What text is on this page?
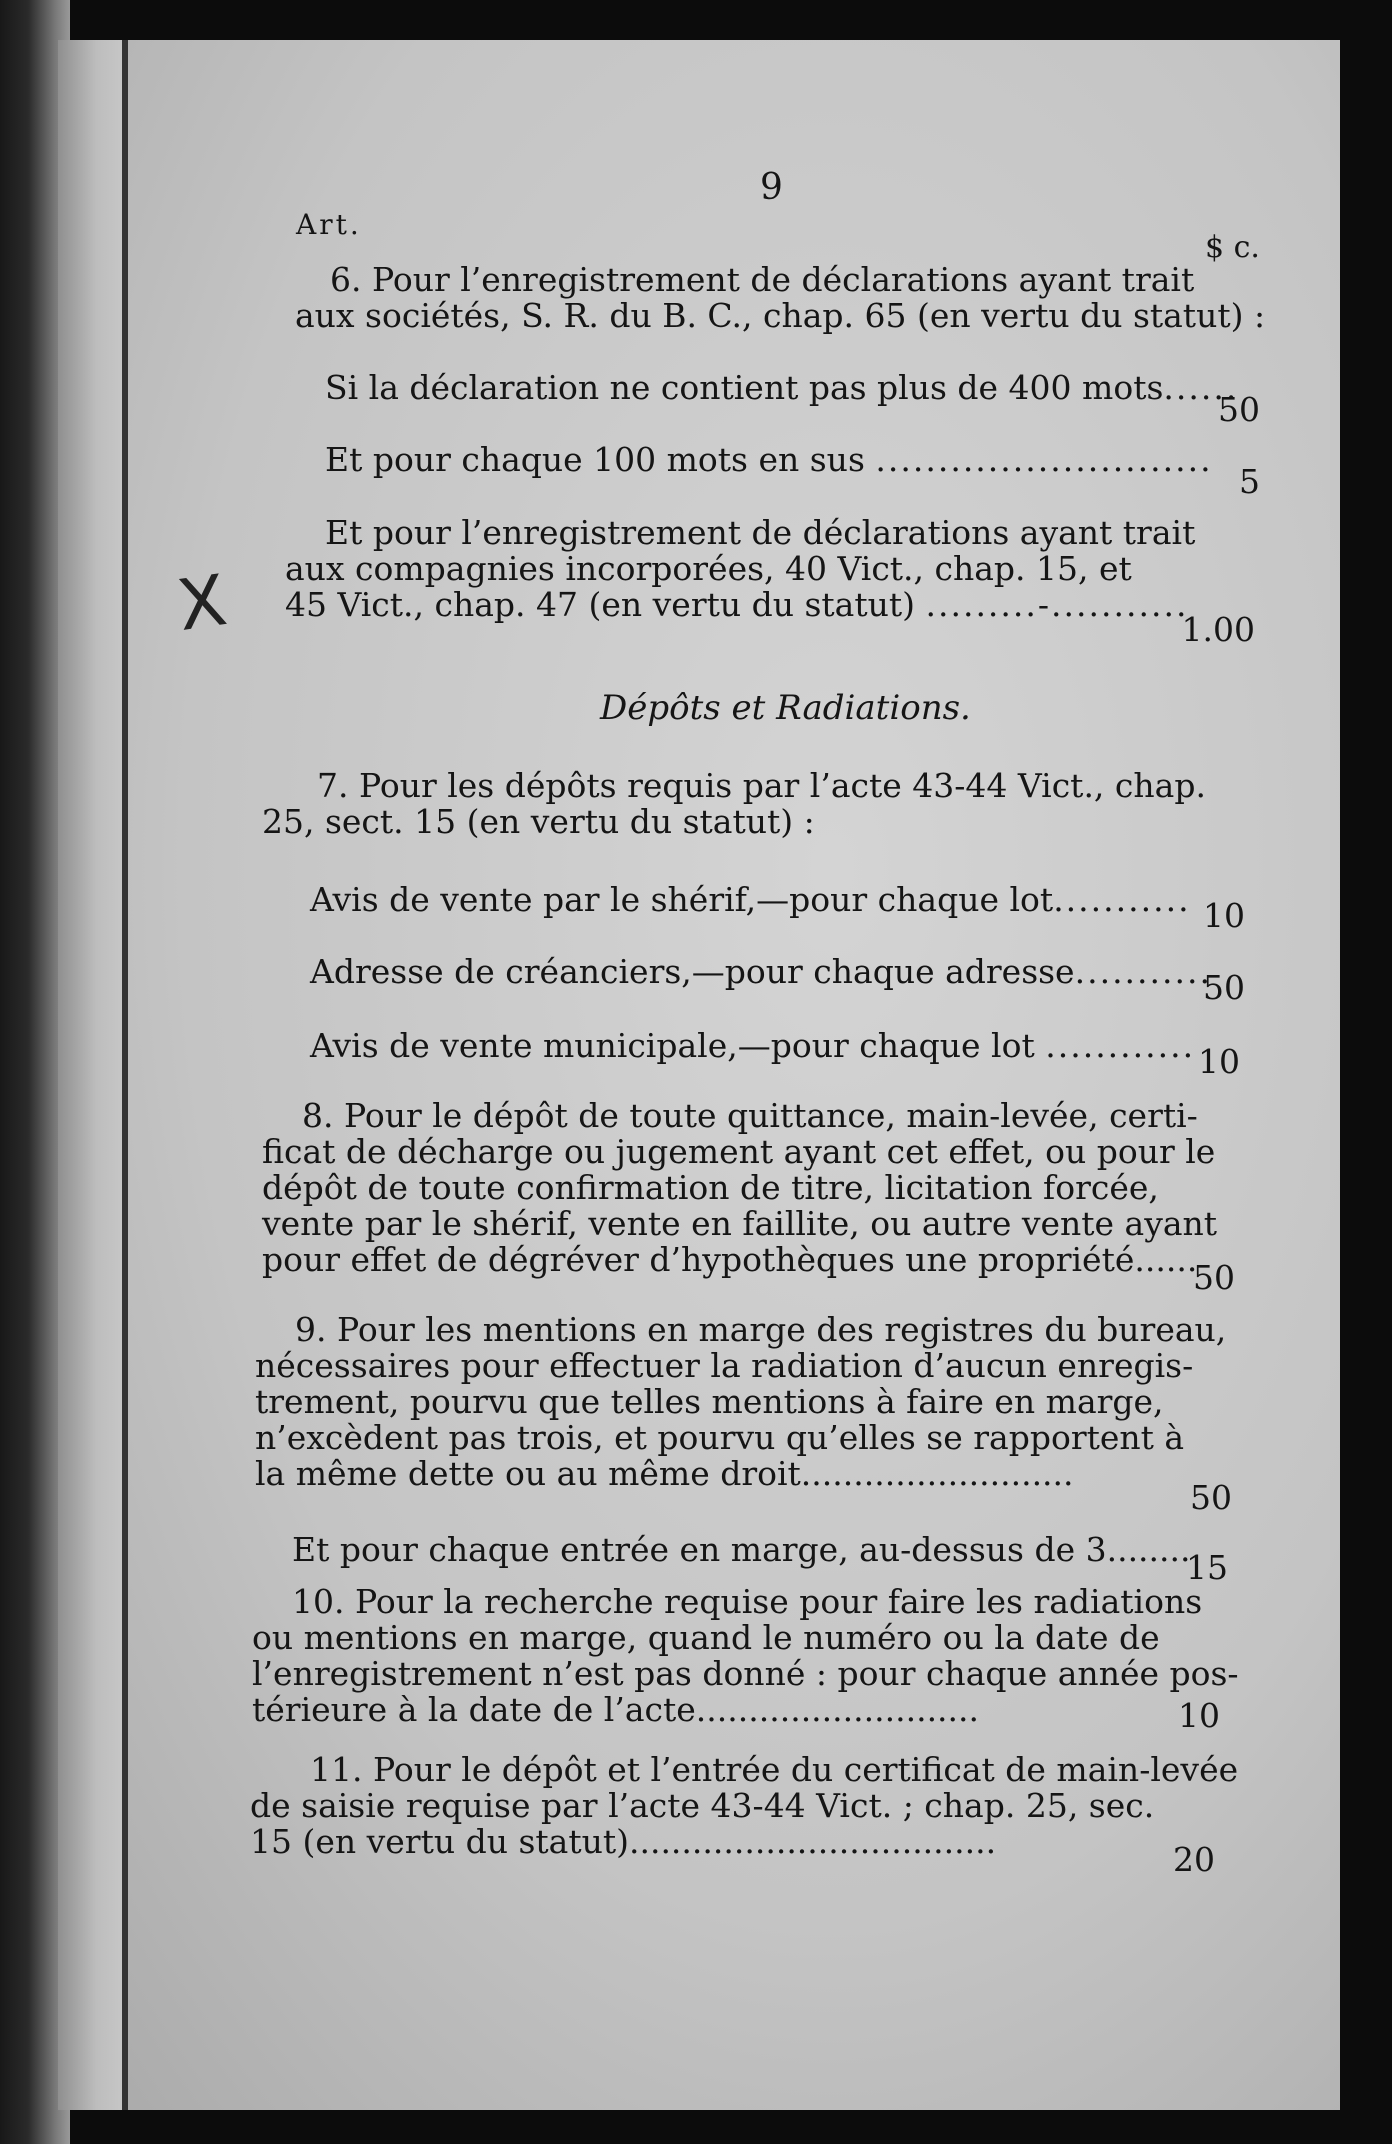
9
Art.
$ c.
6. Pour l’enregistrement de déclarations ayant trait
aux sociétés, S. R. du B. C., chap. 65 (en vertu du statut) :
Si la déclaration ne contient pas plus de 400 mots......
50
Et pour chaque 100 mots en sus ...........................
5
Et pour l’enregistrement de déclarations ayant trait
aux compagnies incorporées, 40 Vict., chap. 15, et
45 Vict., chap. 47 (en vertu du statut) .........-...........
1.00
X
Dépôts et Radiations.
7. Pour les dépôts requis par l’acte 43-44 Vict., chap.
25, sect. 15 (en vertu du statut) :
Avis de vente par le shérif,—pour chaque lot........... 10
Adresse de créanciers,—pour chaque adresse...........
50
Avis de vente municipale,—pour chaque lot ............ 10
8. Pour le dépôt de toute quittance, main-levée, certi-
ficat de décharge ou jugement ayant cet effet, ou pour le
dépôt de toute confirmation de titre, licitation forcée,
vente par le shérif, vente en faillite, ou autre vente ayant
pour effet de dégréver d’hypothèques une propriété......
50
9. Pour les mentions en marge des registres du bureau,
nécessaires pour effectuer la radiation d’aucun enregis-
trement, pourvu que telles mentions à faire en marge,
n’excèdent pas trois, et pourvu qu’elles se rapportent à
la même dette ou au même droit..........................
50
Et pour chaque entrée en marge, au-dessus de 3........
15
10. Pour la recherche requise pour faire les radiations
ou mentions en marge, quand le numéro ou la date de
l’enregistrement n’est pas donné : pour chaque année pos-
térieure à la date de l’acte...........................	10
11. Pour le dépôt et l’entrée du certificat de main-levée
de saisie requise par l’acte 43-44 Vict. ; chap. 25, sec.
15 (en vertu du statut)...................................	20
